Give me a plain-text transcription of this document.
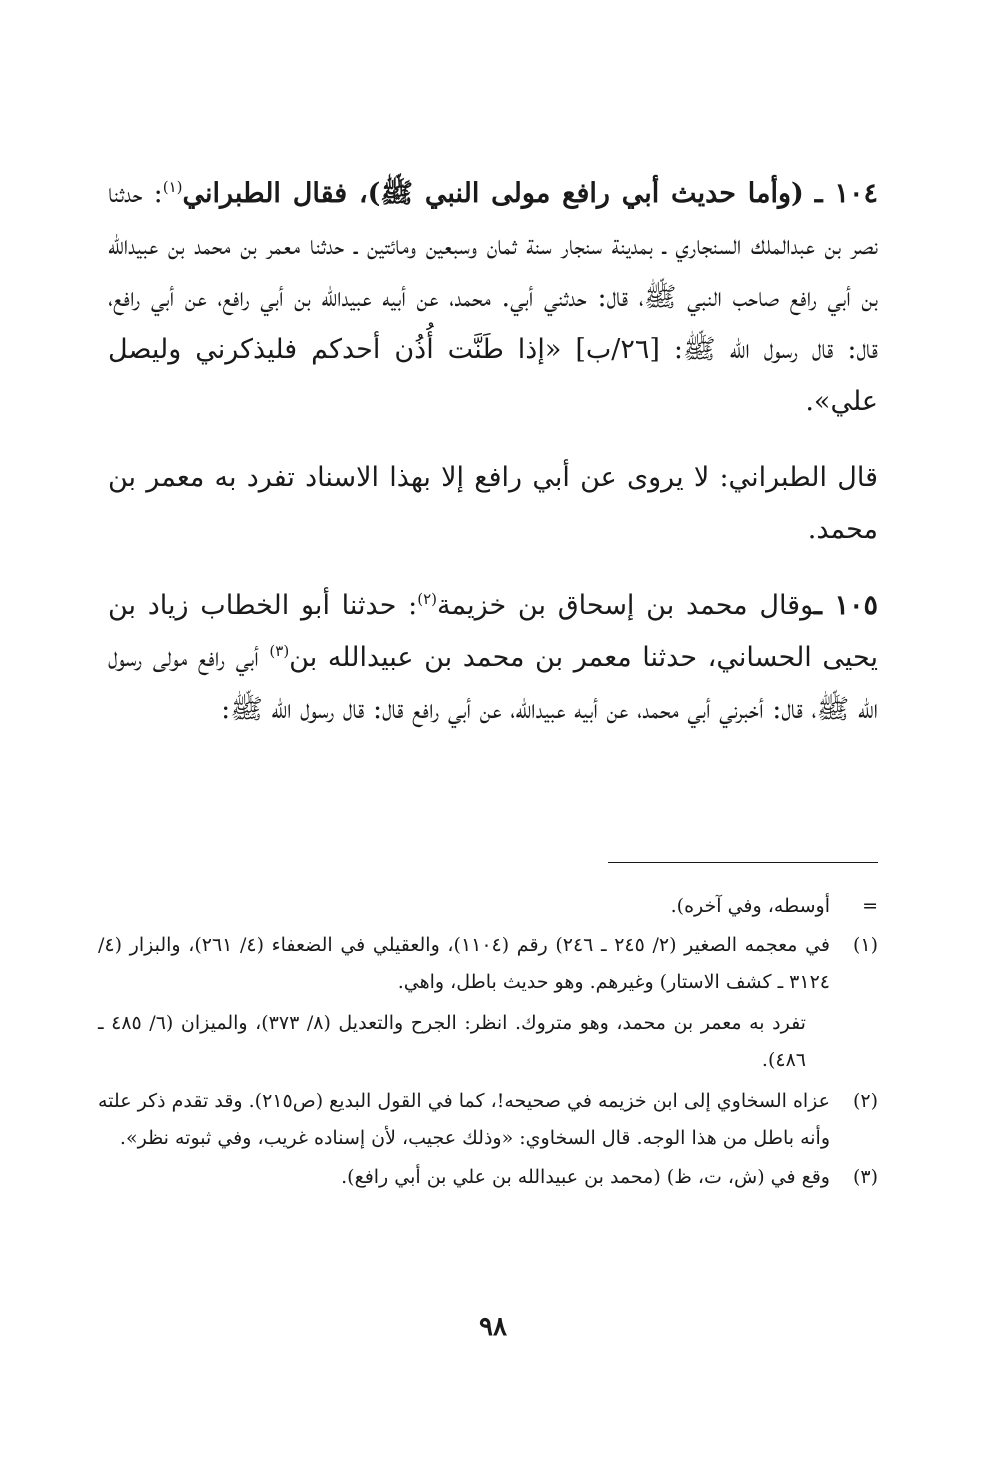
١٠٤ ـ (وأما حديث أبي رافع مولى النبي ﷺ)، فقال الطبراني$^{(١)}$: حدثنا نصر بن عبدالملك السنجاري ـ بمدينة سنجار سنة ثمان وسبعين ومائتين ـ حدثنا معمر بن محمد بن عبيدالله بن أبي رافع صاحب النبي ﷺ، قال: حدثني أبي. محمد، عن أبيه عبيدالله بن أبي رافع، عن أبي رافع، قال: قال رسول الله ﷺ: [٢٦/ب] «إذا طَنَّت أُذُن أحدكم فليذكرني وليصل علي».

قال الطبراني: لا يروى عن أبي رافع إلا بهذا الاسناد تفرد به معمر بن محمد.

١٠٥ ـوقال محمد بن إسحاق بن خزيمة$^{(٢)}$: حدثنا أبو الخطاب زياد بن يحيى الحساني، حدثنا معمر بن محمد بن عبيدالله بن$^{(٣)}$ أبي رافع مولى رسول الله ﷺ، قال: أخبرني أبي محمد، عن أبيه عبيدالله، عن أبي رافع قال: قال رسول الله ﷺ:

=
أوسطه، وفي آخره).
(١)
في معجمه الصغير (٢/ ٢٤٥ ـ ٢٤٦) رقم (١١٠٤)، والعقيلي في الضعفاء (٤/ ٢٦١)، والبزار (٤/ ٣١٢٤ ـ كشف الاستار) وغيرهم. وهو حديث باطل، واهي.
تفرد به معمر بن محمد، وهو متروك. انظر: الجرح والتعديل (٨/ ٣٧٣)، والميزان (٦/ ٤٨٥ ـ ٤٨٦).
(٢)
عزاه السخاوي إلى ابن خزيمه في صحيحه!، كما في القول البديع (ص٢١٥). وقد تقدم ذكر علته وأنه باطل من هذا الوجه. قال السخاوي: «وذلك عجيب، لأن إسناده غريب، وفي ثبوته نظر».
(٣)
وقع في (ش، ت، ظ) (محمد بن عبيدالله بن علي بن أبي رافع).
٩٨
